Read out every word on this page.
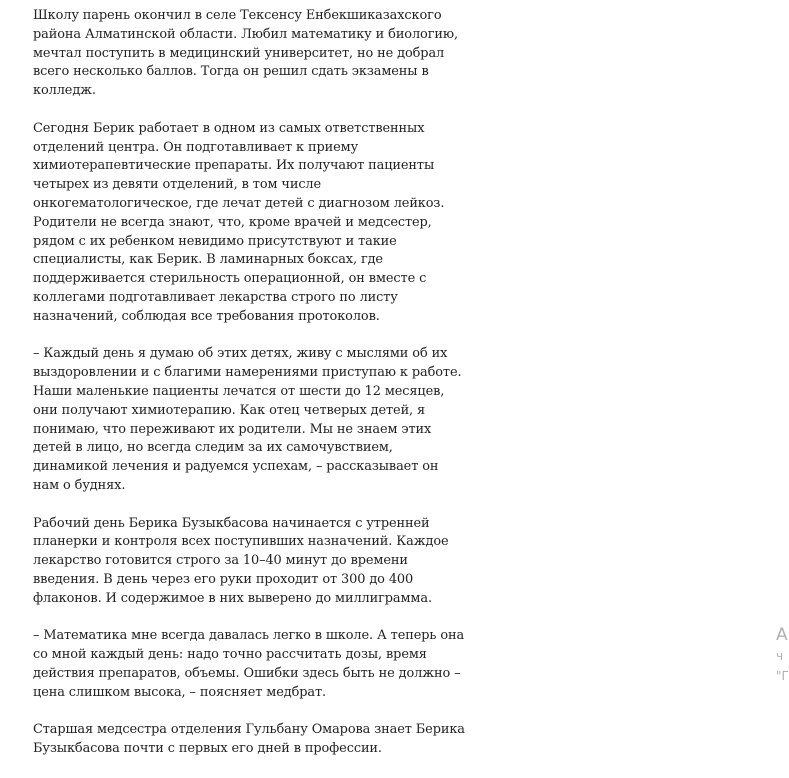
Школу парень окончил в селе Тексенсу Енбекшиказахского района Алматинской области. Любил математику и биологию, мечтал поступить в медицинский университет, но не добрал всего несколько баллов. Тогда он решил сдать экзамены в колледж.

Сегодня Берик работает в одном из самых ответственных отделений центра. Он подготавливает к приему химиотерапевтические препараты. Их получают пациенты четырех из девяти отделений, в том числе онкогематологическое, где лечат детей с диагнозом лейкоз. Родители не всегда знают, что, кроме врачей и медсестер, рядом с их ребенком невидимо присутствуют и такие специалисты, как Берик. В ламинарных боксах, где поддерживается стерильность операционной, он вместе с коллегами подготавливает лекарства строго по листу назначений, соблюдая все требования протоколов.

– Каждый день я думаю об этих детях, живу с мыслями об их выздоровлении и с благими намерениями приступаю к работе. Наши маленькие пациенты лечатся от шести до 12 месяцев, они получают химиотерапию. Как отец четверых детей, я понимаю, что переживают их родители. Мы не знаем этих детей в лицо, но всегда следим за их самочувствием, динамикой лечения и радуемся успехам, – рассказывает он нам о буднях.

Рабочий день Берика Бузыкбасова начинается с утренней планерки и контроля всех поступивших назначений. Каждое лекарство готовится строго за 10–40 минут до времени введения. В день через его руки проходит от 300 до 400 флаконов. И содержимое в них выверено до миллиграмма.

– Математика мне всегда давалась легко в школе. А теперь она со мной каждый день: надо точно рассчитать дозы, время действия препаратов, объемы. Ошибки здесь быть не должно – цена слишком высока, – поясняет медбрат.

Старшая медсестра отделения Гульбану Омарова знает Берика Бузыкбасова почти с первых его дней в профессии.

А
ч
"Г
